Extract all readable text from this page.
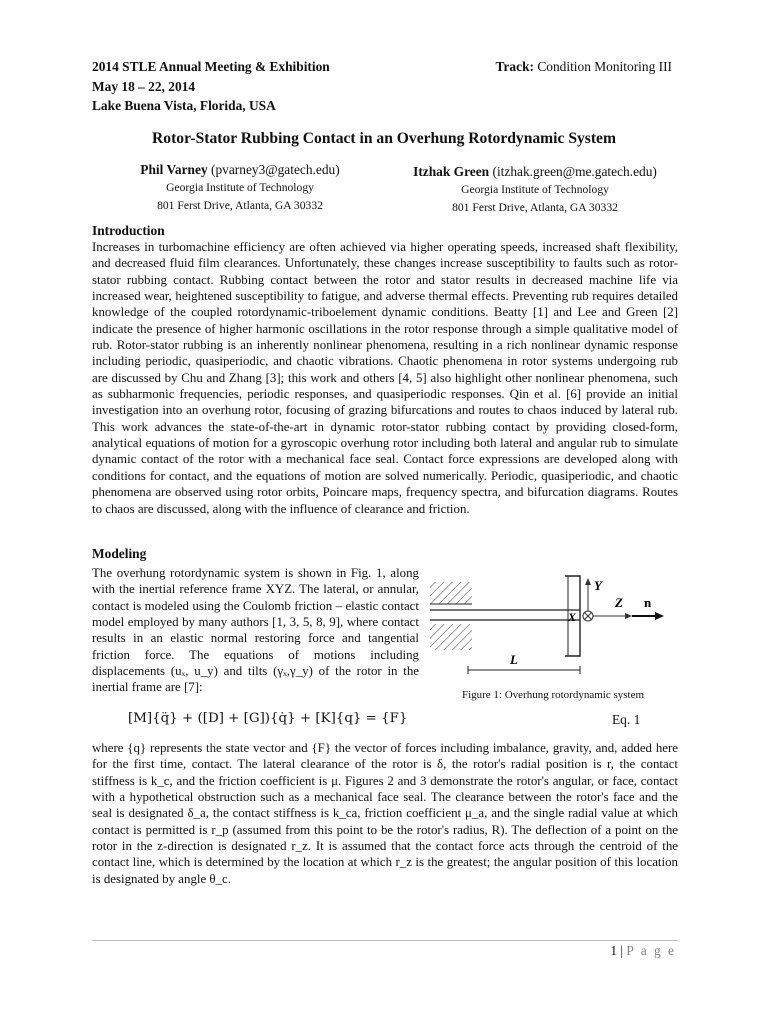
2014 STLE Annual Meeting & Exhibition
May 18 – 22, 2014
Lake Buena Vista, Florida, USA
Track: Condition Monitoring III
Rotor-Stator Rubbing Contact in an Overhung Rotordynamic System
Phil Varney (pvarney3@gatech.edu)
Georgia Institute of Technology
801 Ferst Drive, Atlanta, GA 30332
Itzhak Green (itzhak.green@me.gatech.edu)
Georgia Institute of Technology
801 Ferst Drive, Atlanta, GA 30332
Introduction

Increases in turbomachine efficiency are often achieved via higher operating speeds, increased shaft flexibility, and decreased fluid film clearances. Unfortunately, these changes increase susceptibility to faults such as rotor-stator rubbing contact. Rubbing contact between the rotor and stator results in decreased machine life via increased wear, heightened susceptibility to fatigue, and adverse thermal effects. Preventing rub requires detailed knowledge of the coupled rotordynamic-triboelement dynamic conditions. Beatty [1] and Lee and Green [2] indicate the presence of higher harmonic oscillations in the rotor response through a simple qualitative model of rub. Rotor-stator rubbing is an inherently nonlinear phenomena, resulting in a rich nonlinear dynamic response including periodic, quasiperiodic, and chaotic vibrations. Chaotic phenomena in rotor systems undergoing rub are discussed by Chu and Zhang [3]; this work and others [4, 5] also highlight other nonlinear phenomena, such as subharmonic frequencies, periodic responses, and quasiperiodic responses. Qin et al. [6] provide an initial investigation into an overhung rotor, focusing of grazing bifurcations and routes to chaos induced by lateral rub. This work advances the state-of-the-art in dynamic rotor-stator rubbing contact by providing closed-form, analytical equations of motion for a gyroscopic overhung rotor including both lateral and angular rub to simulate dynamic contact of the rotor with a mechanical face seal. Contact force expressions are developed along with conditions for contact, and the equations of motion are solved numerically. Periodic, quasiperiodic, and chaotic phenomena are observed using rotor orbits, Poincare maps, frequency spectra, and bifurcation diagrams. Routes to chaos are discussed, along with the influence of clearance and friction.

Modeling

The overhung rotordynamic system is shown in Fig. 1, along with the inertial reference frame XYZ. The lateral, or annular, contact is modeled using the Coulomb friction – elastic contact model employed by many authors [1, 3, 5, 8, 9], where contact results in an elastic normal restoring force and tangential friction force. The equations of motions including displacements (uₓ, u_y) and tilts (γₓ,γ_y) of the rotor in the inertial frame are [7]:

Y
Z n
X
L
Figure 1: Overhung rotordynamic system
[M]{q̈} + ([D] + [G]){q̇} + [K]{q} = {F}	Eq. 1

where {q} represents the state vector and {F} the vector of forces including imbalance, gravity, and, added here for the first time, contact. The lateral clearance of the rotor is δ, the rotor's radial position is r, the contact stiffness is k_c, and the friction coefficient is μ. Figures 2 and 3 demonstrate the rotor's angular, or face, contact with a hypothetical obstruction such as a mechanical face seal. The clearance between the rotor's face and the seal is designated δ_a, the contact stiffness is k_ca, friction coefficient μ_a, and the single radial value at which contact is permitted is r_p (assumed from this point to be the rotor's radius, R). The deflection of a point on the rotor in the z-direction is designated r_z. It is assumed that the contact force acts through the centroid of the contact line, which is determined by the location at which r_z is the greatest; the angular position of this location is designated by angle θ_c.

1 | P a g e
